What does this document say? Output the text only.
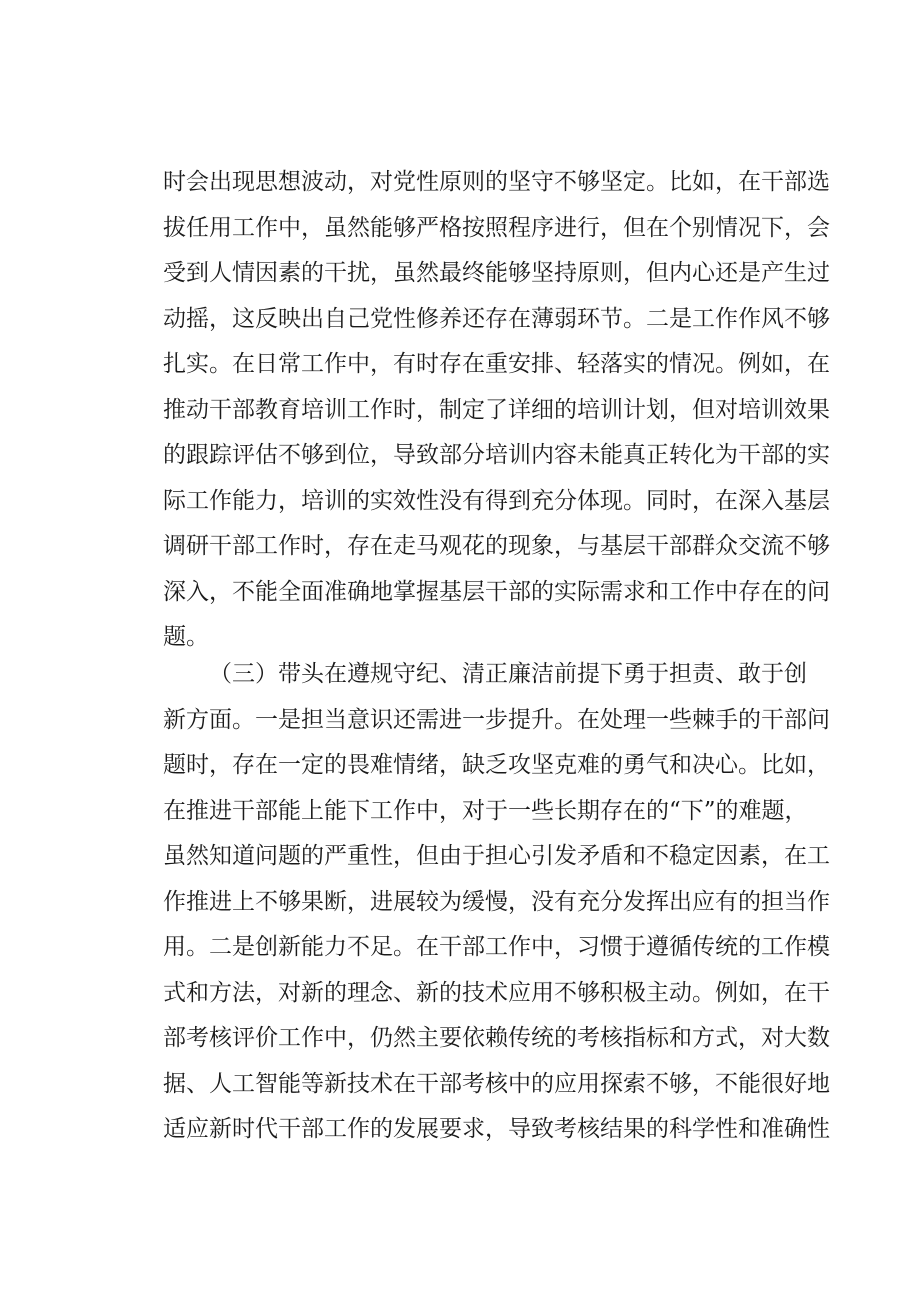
时会出现思想波动，对党性原则的坚守不够坚定。比如，在干部选
拔任用工作中，虽然能够严格按照程序进行，但在个别情况下，会
受到人情因素的干扰，虽然最终能够坚持原则，但内心还是产生过
动摇，这反映出自己党性修养还存在薄弱环节。二是工作作风不够
扎实。在日常工作中，有时存在重安排、轻落实的情况。例如，在
推动干部教育培训工作时，制定了详细的培训计划，但对培训效果
的跟踪评估不够到位，导致部分培训内容未能真正转化为干部的实
际工作能力，培训的实效性没有得到充分体现。同时，在深入基层
调研干部工作时，存在走马观花的现象，与基层干部群众交流不够
深入，不能全面准确地掌握基层干部的实际需求和工作中存在的问
题。
（三）带头在遵规守纪、清正廉洁前提下勇于担责、敢于创
新方面。一是担当意识还需进一步提升。在处理一些棘手的干部问
题时，存在一定的畏难情绪，缺乏攻坚克难的勇气和决心。比如，
在推进干部能上能下工作中，对于一些长期存在的“下”的难题，
虽然知道问题的严重性，但由于担心引发矛盾和不稳定因素，在工
作推进上不够果断，进展较为缓慢，没有充分发挥出应有的担当作
用。二是创新能力不足。在干部工作中，习惯于遵循传统的工作模
式和方法，对新的理念、新的技术应用不够积极主动。例如，在干
部考核评价工作中，仍然主要依赖传统的考核指标和方式，对大数
据、人工智能等新技术在干部考核中的应用探索不够，不能很好地
适应新时代干部工作的发展要求，导致考核结果的科学性和准确性
